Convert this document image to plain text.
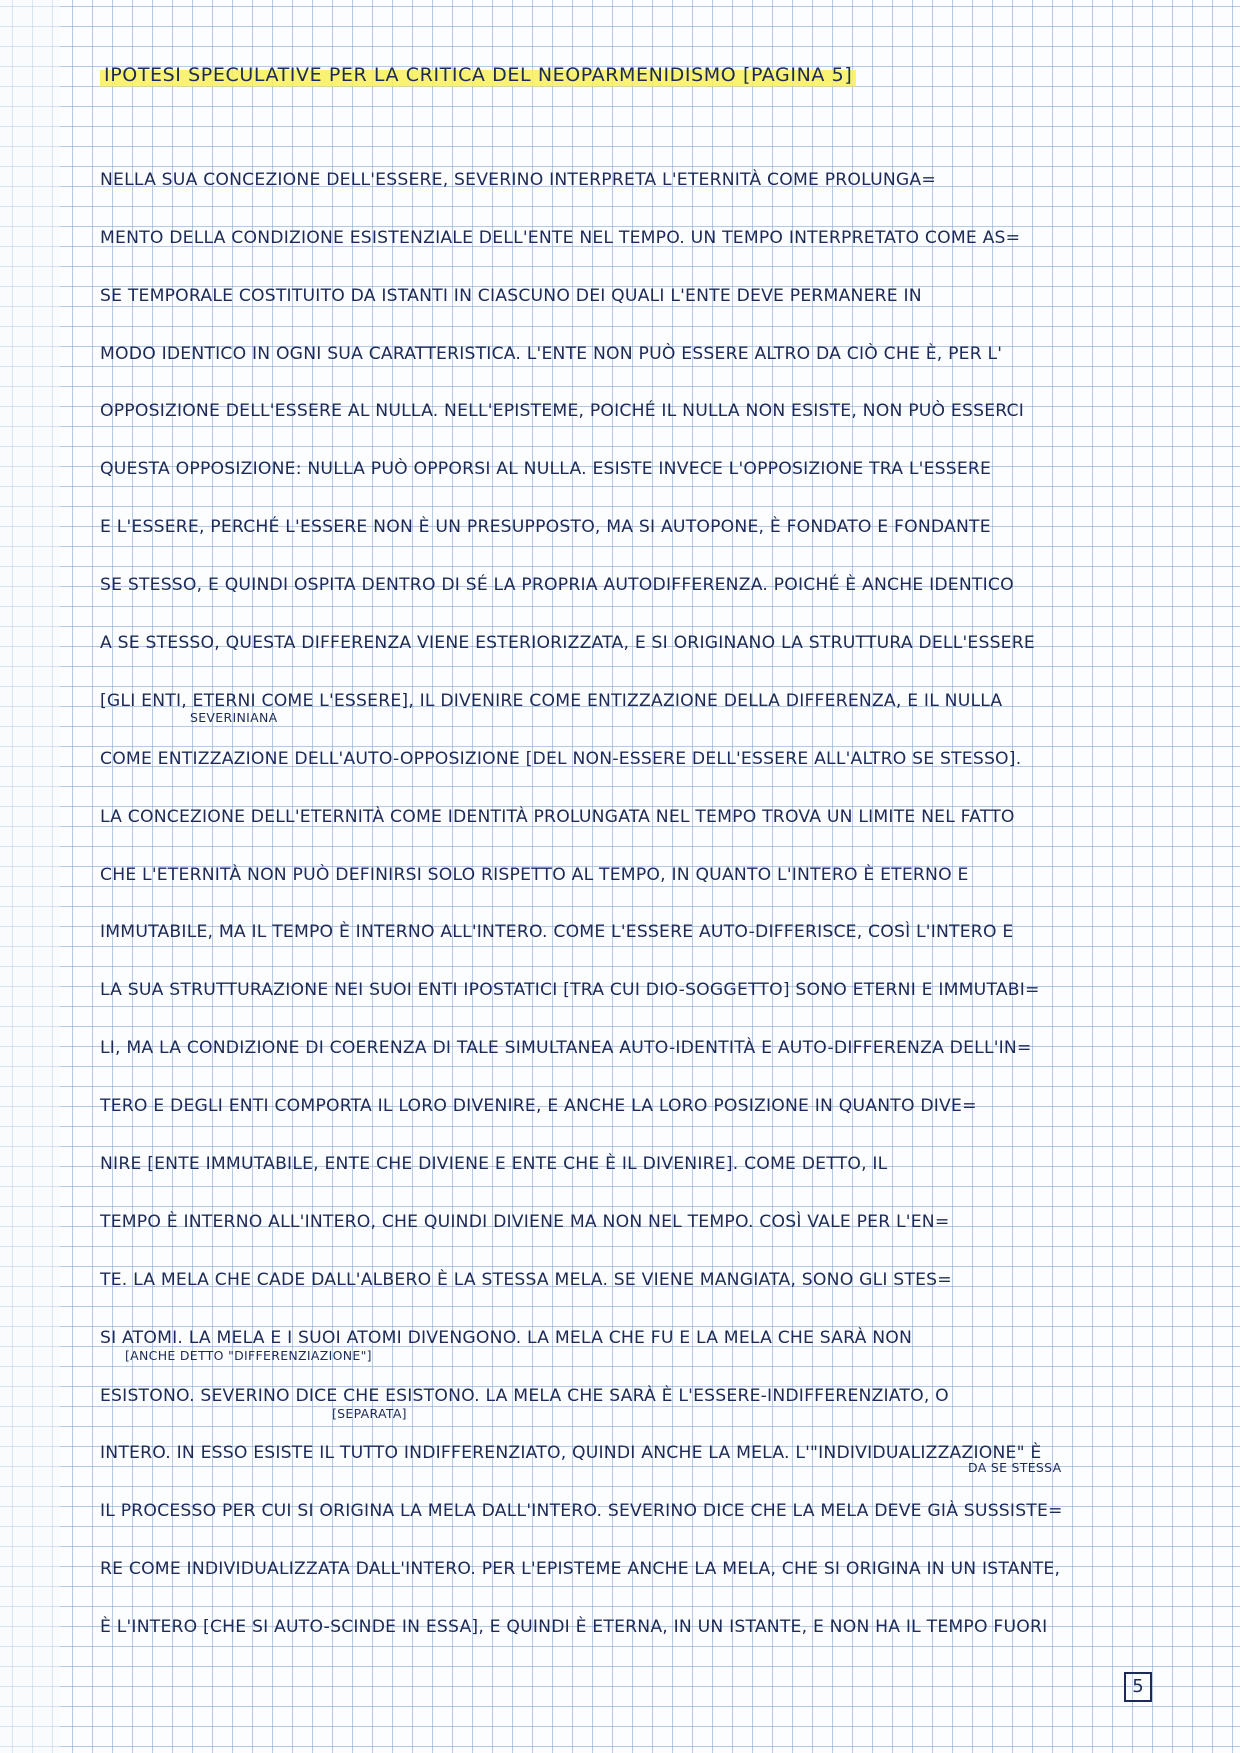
IPOTESI SPECULATIVE PER LA CRITICA DEL NEOPARMENIDISMO [PAGINA 5]
NELLA SUA CONCEZIONE DELL'ESSERE, SEVERINO INTERPRETA L'ETERNITÀ COME PROLUNGA=
MENTO DELLA CONDIZIONE ESISTENZIALE DELL'ENTE NEL TEMPO. UN TEMPO INTERPRETATO COME AS=
SE TEMPORALE COSTITUITO DA ISTANTI IN CIASCUNO DEI QUALI L'ENTE DEVE PERMANERE IN
MODO IDENTICO IN OGNI SUA CARATTERISTICA. L'ENTE NON PUÒ ESSERE ALTRO DA CIÒ CHE È, PER L'
OPPOSIZIONE DELL'ESSERE AL NULLA. NELL'EPISTEME, POICHÉ IL NULLA NON ESISTE, NON PUÒ ESSERCI
QUESTA OPPOSIZIONE: NULLA PUÒ OPPORSI AL NULLA. ESISTE INVECE L'OPPOSIZIONE TRA L'ESSERE
E L'ESSERE, PERCHÉ L'ESSERE NON È UN PRESUPPOSTO, MA SI AUTOPONE, È FONDATO E FONDANTE
SE STESSO, E QUINDI OSPITA DENTRO DI SÉ LA PROPRIA AUTODIFFERENZA. POICHÉ È ANCHE IDENTICO
A SE STESSO, QUESTA DIFFERENZA VIENE ESTERIORIZZATA, E SI ORIGINANO LA STRUTTURA DELL'ESSERE
[GLI ENTI, ETERNI COME L'ESSERE], IL DIVENIRE COME ENTIZZAZIONE DELLA DIFFERENZA, E IL NULLA
COME ENTIZZAZIONE DELL'AUTO-OPPOSIZIONE [DEL NON-ESSERE DELL'ESSERE ALL'ALTRO SE STESSO].
LA CONCEZIONE DELL'ETERNITÀ COME IDENTITÀ PROLUNGATA NEL TEMPO TROVA UN LIMITE NEL FATTO
CHE L'ETERNITÀ NON PUÒ DEFINIRSI SOLO RISPETTO AL TEMPO, IN QUANTO L'INTERO È ETERNO E
IMMUTABILE, MA IL TEMPO È INTERNO ALL'INTERO. COME L'ESSERE AUTO-DIFFERISCE, COSÌ L'INTERO E
LA SUA STRUTTURAZIONE NEI SUOI ENTI IPOSTATICI [TRA CUI DIO-SOGGETTO] SONO ETERNI E IMMUTABI=
LI, MA LA CONDIZIONE DI COERENZA DI TALE SIMULTANEA AUTO-IDENTITÀ E AUTO-DIFFERENZA DELL'IN=
TERO E DEGLI ENTI COMPORTA IL LORO DIVENIRE, E ANCHE LA LORO POSIZIONE IN QUANTO DIVE=
NIRE [ENTE IMMUTABILE, ENTE CHE DIVIENE E ENTE CHE È IL DIVENIRE]. COME DETTO, IL
TEMPO È INTERNO ALL'INTERO, CHE QUINDI DIVIENE MA NON NEL TEMPO. COSÌ VALE PER L'EN=
TE. LA MELA CHE CADE DALL'ALBERO È LA STESSA MELA. SE VIENE MANGIATA, SONO GLI STES=
SI ATOMI. LA MELA E I SUOI ATOMI DIVENGONO. LA MELA CHE FU E LA MELA CHE SARÀ NON
ESISTONO. SEVERINO DICE CHE ESISTONO. LA MELA CHE SARÀ È L'ESSERE-INDIFFERENZIATO, O
INTERO. IN ESSO ESISTE IL TUTTO INDIFFERENZIATO, QUINDI ANCHE LA MELA. L'"INDIVIDUALIZZAZIONE" È
IL PROCESSO PER CUI SI ORIGINA LA MELA DALL'INTERO. SEVERINO DICE CHE LA MELA DEVE GIÀ SUSSISTE=
RE COME INDIVIDUALIZZATA DALL'INTERO. PER L'EPISTEME ANCHE LA MELA, CHE SI ORIGINA IN UN ISTANTE,
È L'INTERO [CHE SI AUTO-SCINDE IN ESSA], E QUINDI È ETERNA, IN UN ISTANTE, E NON HA IL TEMPO FUORI
SEVERINIANA
[ANCHE DETTO "DIFFERENZIAZIONE"]
[SEPARATA]
DA SE STESSA
5
